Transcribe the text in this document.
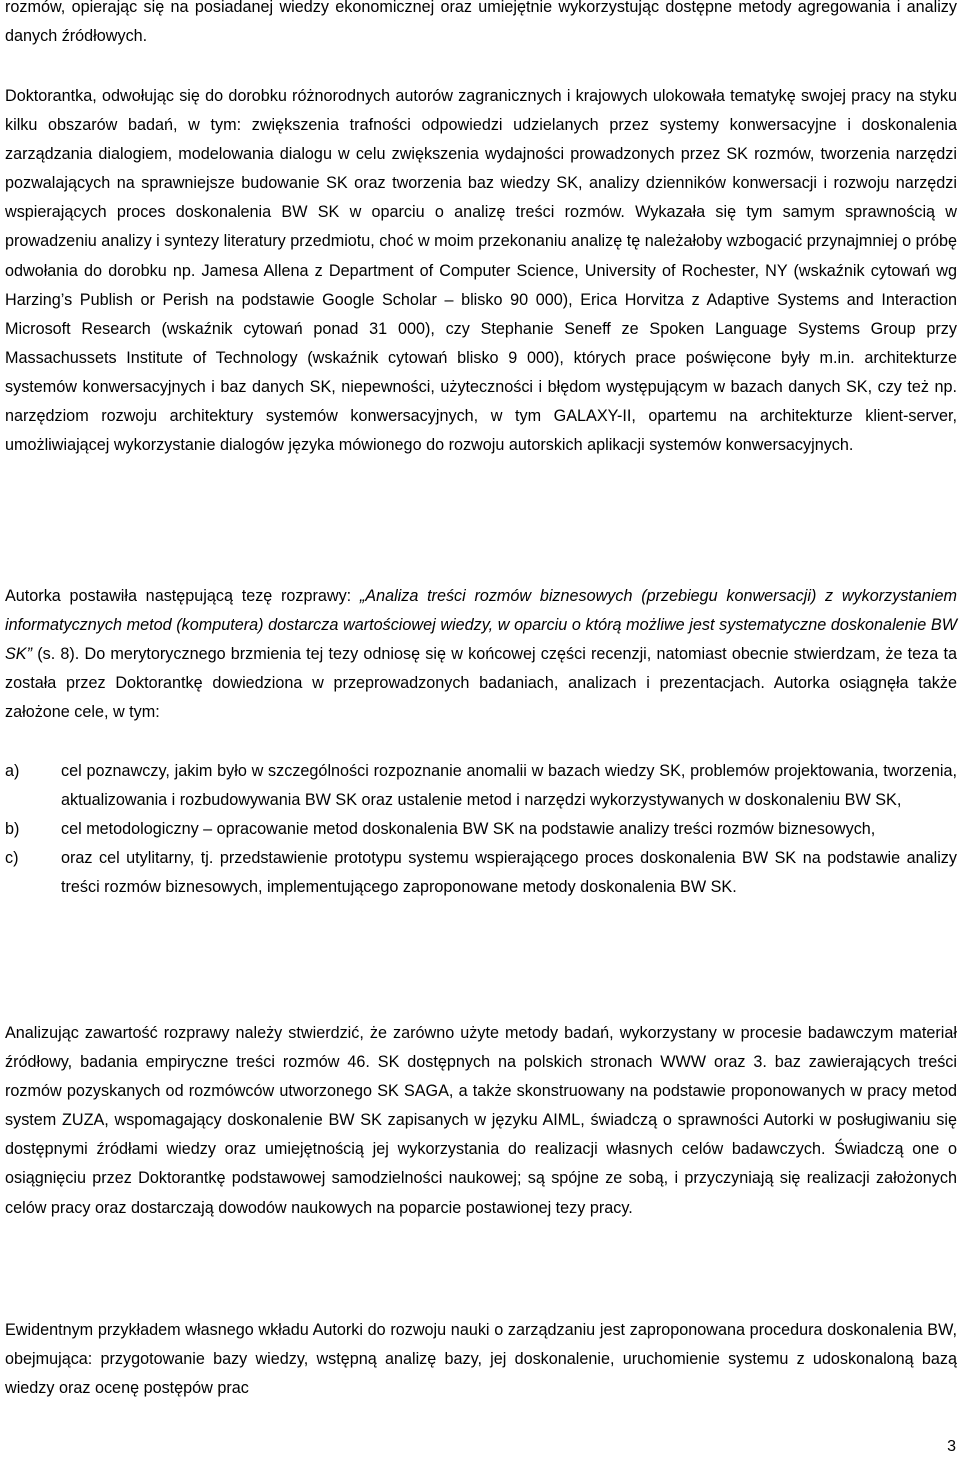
rozmów, opierając się na posiadanej wiedzy ekonomicznej oraz umiejętnie wykorzystując dostępne metody agregowania i analizy danych źródłowych.

Doktorantka, odwołując się do dorobku różnorodnych autorów zagranicznych i krajowych ulokowała tematykę swojej pracy na styku kilku obszarów badań, w tym: zwiększenia trafności odpowiedzi udzielanych przez systemy konwersacyjne i doskonalenia zarządzania dialogiem, modelowania dialogu w celu zwiększenia wydajności prowadzonych przez SK rozmów, tworzenia narzędzi pozwalających na sprawniejsze budowanie SK oraz tworzenia baz wiedzy SK, analizy dzienników konwersacji i rozwoju narzędzi wspierających proces doskonalenia BW SK w oparciu o analizę treści rozmów. Wykazała się tym samym sprawnością w prowadzeniu analizy i syntezy literatury przedmiotu, choć w moim przekonaniu analizę tę należałoby wzbogacić przynajmniej o próbę odwołania do dorobku np. Jamesa Allena z Department of Computer Science, University of Rochester, NY (wskaźnik cytowań wg Harzing’s Publish or Perish na podstawie Google Scholar – blisko 90 000), Erica Horvitza z Adaptive Systems and Interaction Microsoft Research (wskaźnik cytowań ponad 31 000), czy Stephanie Seneff ze Spoken Language Systems Group przy Massachussets Institute of Technology (wskaźnik cytowań blisko 9 000), których prace poświęcone były m.in. architekturze systemów konwersacyjnych i baz danych SK, niepewności, użyteczności i błędom występującym w bazach danych SK, czy też np. narzędziom rozwoju architektury systemów konwersacyjnych, w tym GALAXY-II, opartemu na architekturze klient-server, umożliwiającej wykorzystanie dialogów języka mówionego do rozwoju autorskich aplikacji systemów konwersacyjnych.

Autorka postawiła następującą tezę rozprawy: „Analiza treści rozmów biznesowych (przebiegu konwersacji) z wykorzystaniem informatycznych metod (komputera) dostarcza wartościowej wiedzy, w oparciu o którą możliwe jest systematyczne doskonalenie BW SK” (s. 8). Do merytorycznego brzmienia tej tezy odniosę się w końcowej części recenzji, natomiast obecnie stwierdzam, że teza ta została przez Doktorantkę dowiedziona w przeprowadzonych badaniach, analizach i prezentacjach. Autorka osiągnęła także założone cele, w tym:

a)	cel poznawczy, jakim było w szczególności rozpoznanie anomalii w bazach wiedzy SK, problemów projektowania, tworzenia, aktualizowania i rozbudowywania BW SK oraz ustalenie metod i narzędzi wykorzystywanych w doskonaleniu BW SK,
b)	cel metodologiczny – opracowanie metod doskonalenia BW SK na podstawie analizy treści rozmów biznesowych,
c)	oraz cel utylitarny, tj. przedstawienie prototypu systemu wspierającego proces doskonalenia BW SK na podstawie analizy treści rozmów biznesowych, implementującego zaproponowane metody doskonalenia BW SK.

Analizując zawartość rozprawy należy stwierdzić, że zarówno użyte metody badań, wykorzystany w procesie badawczym materiał źródłowy, badania empiryczne treści rozmów 46. SK dostępnych na polskich stronach WWW oraz 3. baz zawierających treści rozmów pozyskanych od rozmówców utworzonego SK SAGA, a także skonstruowany na podstawie proponowanych w pracy metod system ZUZA, wspomagający doskonalenie BW SK zapisanych w języku AIML, świadczą o sprawności Autorki w posługiwaniu się dostępnymi źródłami wiedzy oraz umiejętnością jej wykorzystania do realizacji własnych celów badawczych. Świadczą one o osiągnięciu przez Doktorantkę podstawowej samodzielności naukowej; są spójne ze sobą, i przyczyniają się realizacji założonych celów pracy oraz dostarczają dowodów naukowych na poparcie postawionej tezy pracy.

Ewidentnym przykładem własnego wkładu Autorki do rozwoju nauki o zarządzaniu jest zaproponowana procedura doskonalenia BW, obejmująca: przygotowanie bazy wiedzy, wstępną analizę bazy, jej doskonalenie, uruchomienie systemu z udoskonaloną bazą wiedzy oraz ocenę postępów prac

3
